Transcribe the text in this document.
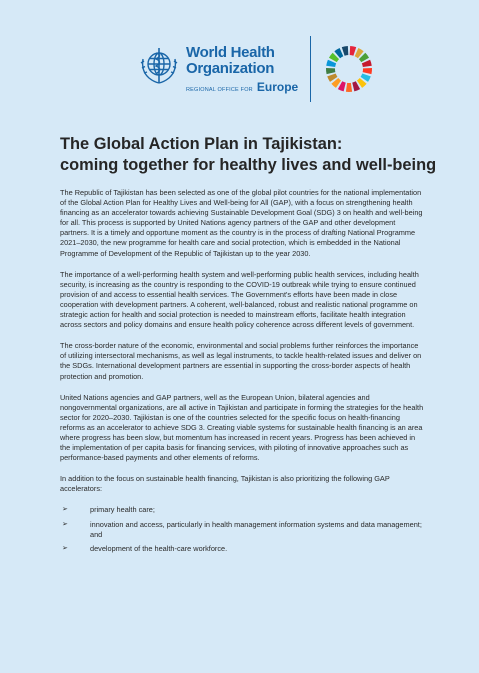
World Health
Organization
REGIONAL OFFICE FOR Europe
The Global Action Plan in Tajikistan:
coming together for healthy lives and well-being

The Republic of Tajikistan has been selected as one of the global pilot countries for the national implementation of the Global Action Plan for Healthy Lives and Well-being for All (GAP), with a focus on strengthening health financing as an accelerator towards achieving Sustainable Development Goal (SDG) 3 on health and well-being for all. This process is supported by United Nations agency partners of the GAP and other development partners. It is a timely and opportune moment as the country is in the process of drafting National Programme 2021–2030, the new programme for health care and social protection, which is embedded in the National Programme of Development of the Republic of Tajikistan up to the year 2030.

The importance of a well-performing health system and well-performing public health services, including health security, is increasing as the country is responding to the COVID-19 outbreak while trying to ensure continued provision of and access to essential health services. The Government's efforts have been made in close cooperation with development partners. A coherent, well-balanced, robust and realistic national programme on strategic action for health and social protection is needed to mainstream efforts, facilitate health integration across sectors and policy domains and ensure health policy coherence across different levels of government.

The cross-border nature of the economic, environmental and social problems further reinforces the importance of utilizing intersectoral mechanisms, as well as legal instruments, to tackle health-related issues and deliver on the SDGs. International development partners are essential in supporting the cross-border aspects of health protection and promotion.

United Nations agencies and GAP partners, well as the European Union, bilateral agencies and nongovernmental organizations, are all active in Tajikistan and participate in forming the strategies for the health sector for 2020–2030. Tajikistan is one of the countries selected for the specific focus on health-financing reforms as an accelerator to achieve SDG 3. Creating viable systems for sustainable health financing is an area where progress has been slow, but momentum has increased in recent years. Progress has been achieved in the implementation of per capita basis for financing services, with piloting of innovative approaches such as performance-based payments and other elements of reforms.

In addition to the focus on sustainable health financing, Tajikistan is also prioritizing the following GAP accelerators:

➢	primary health care;
➢	innovation and access, particularly in health management information systems and data management; and
➢	development of the health-care workforce.
